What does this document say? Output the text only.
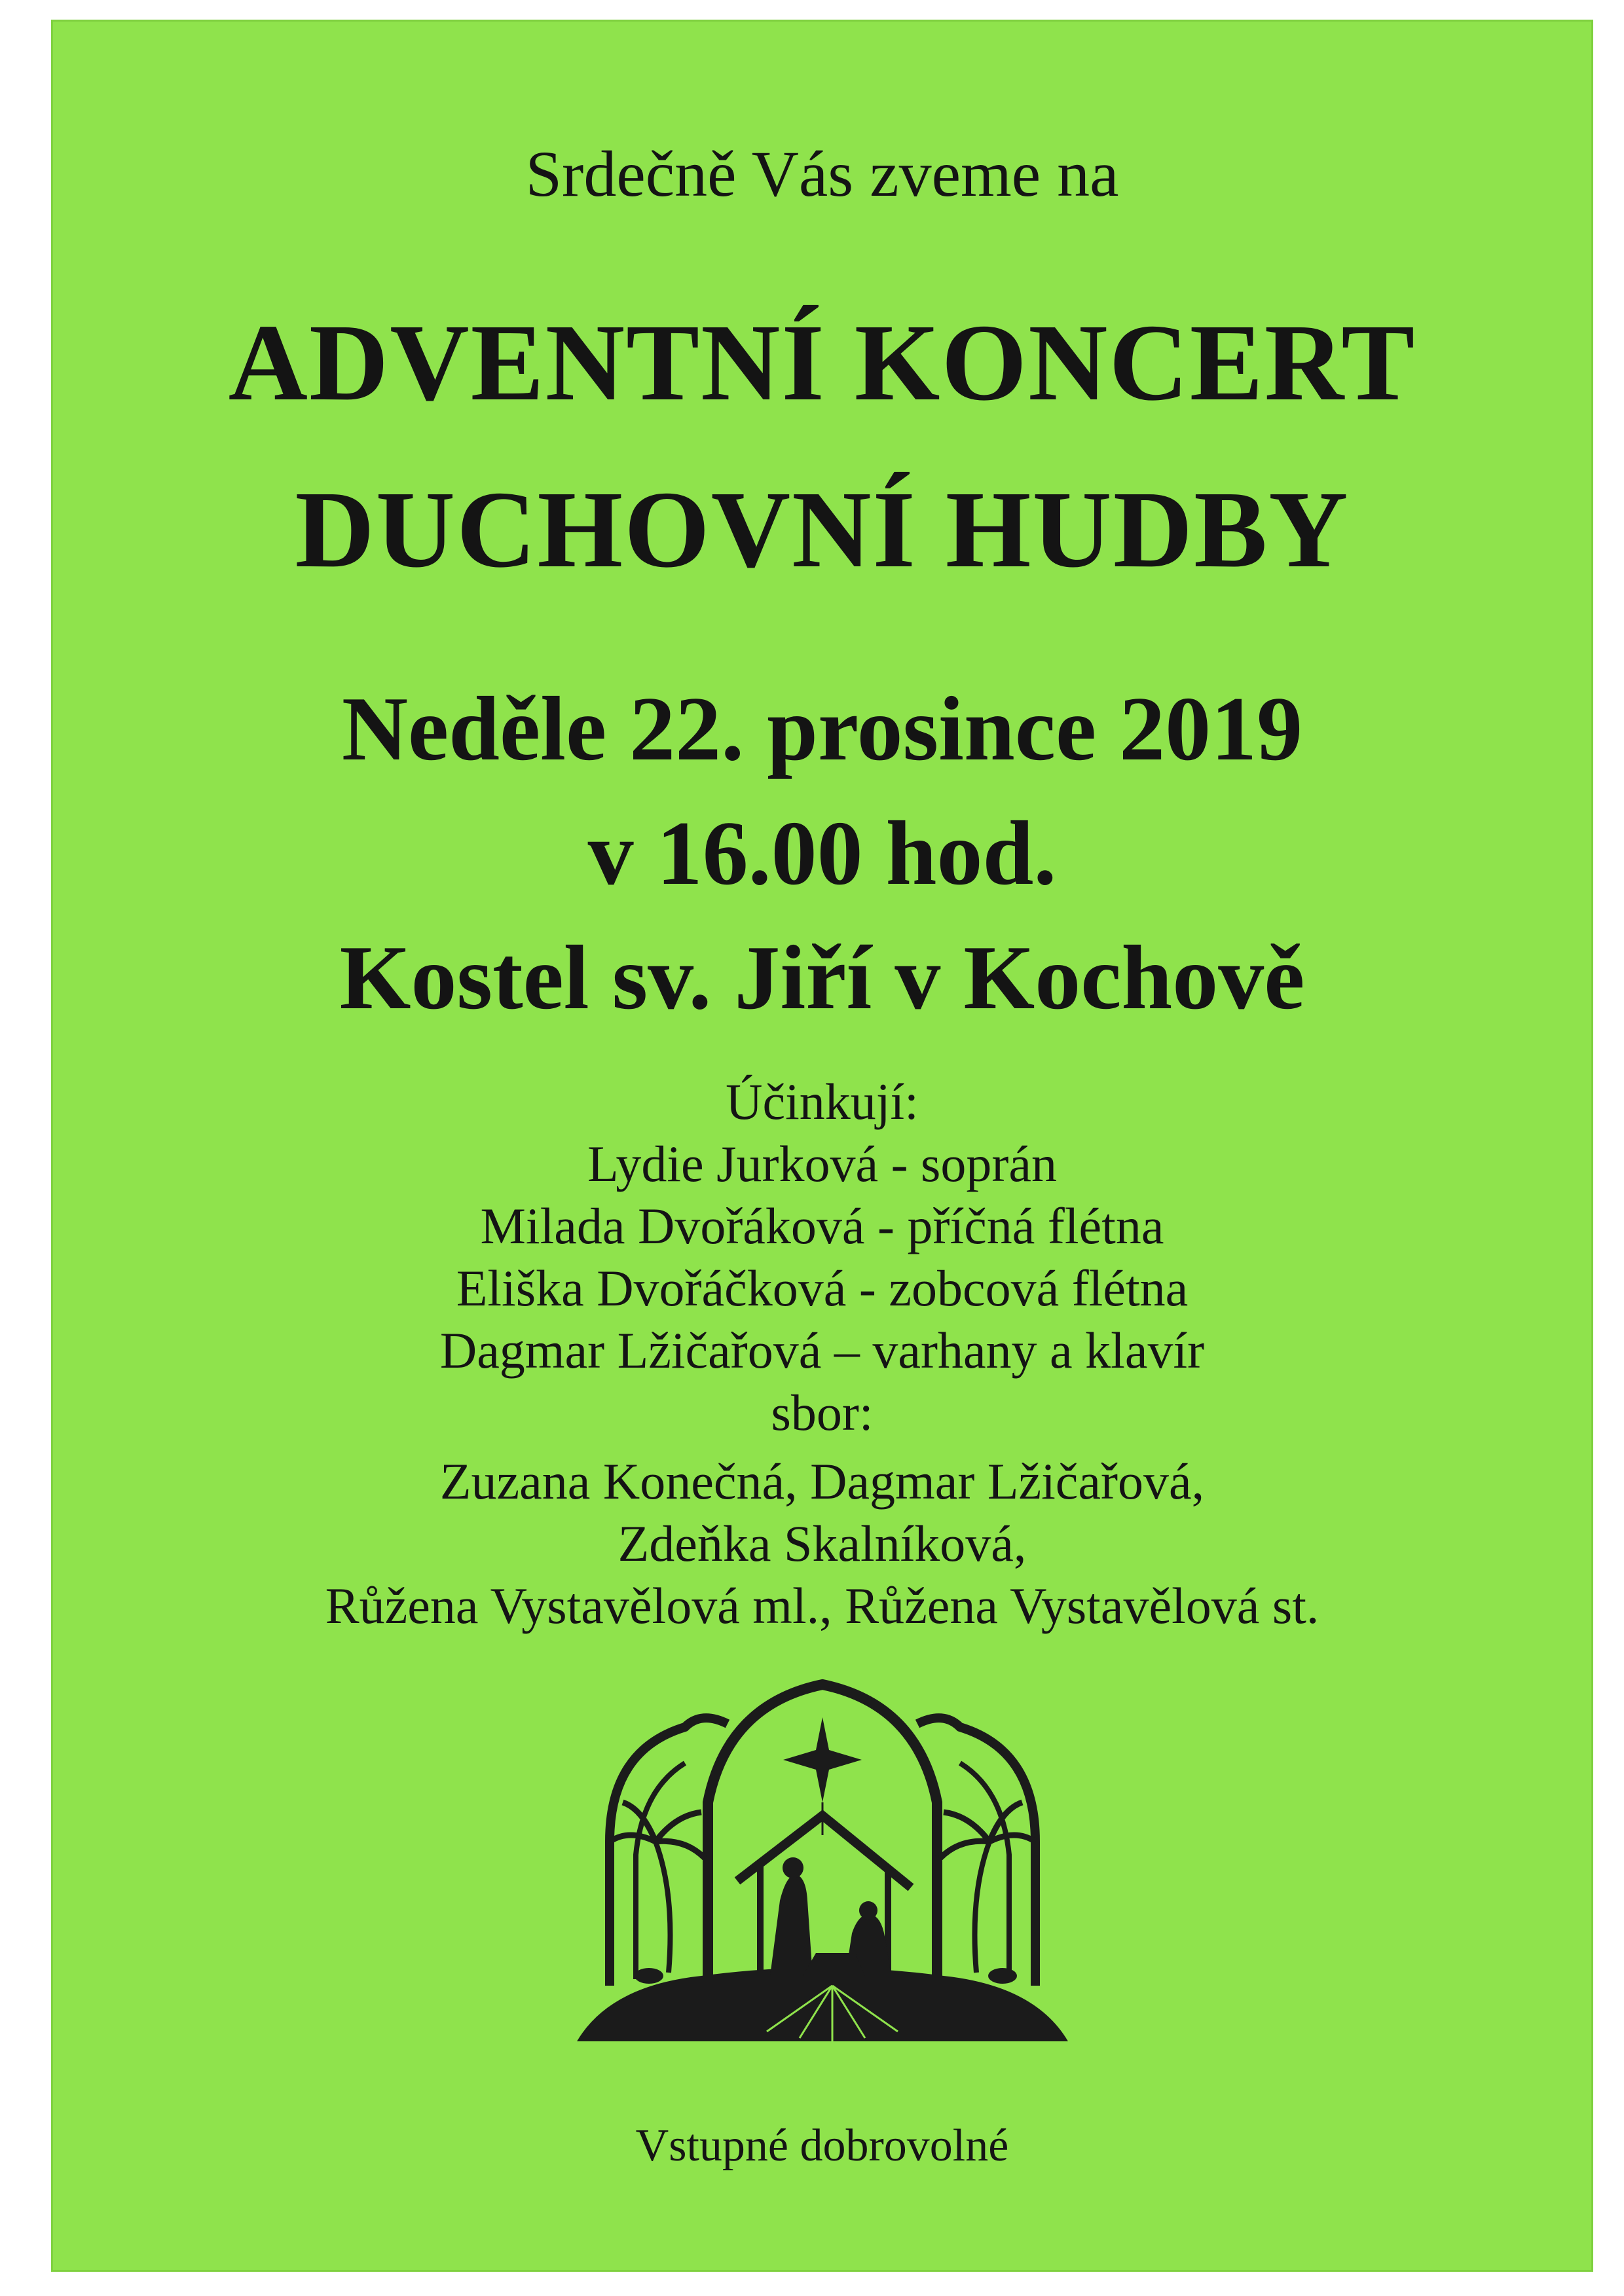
Srdečně Vás zveme na
ADVENTNÍ KONCERT
DUCHOVNÍ HUDBY
Neděle 22. prosince 2019
v 16.00 hod.
Kostel sv. Jiří v Kochově
Účinkují:
Lydie Jurková - soprán
Milada Dvořáková - příčná flétna
Eliška Dvořáčková - zobcová flétna
Dagmar Lžičařová – varhany a klavír
sbor:
Zuzana Konečná, Dagmar Lžičařová,
Zdeňka Skalníková,
Růžena Vystavělová ml., Růžena Vystavělová st.
Vstupné dobrovolné
